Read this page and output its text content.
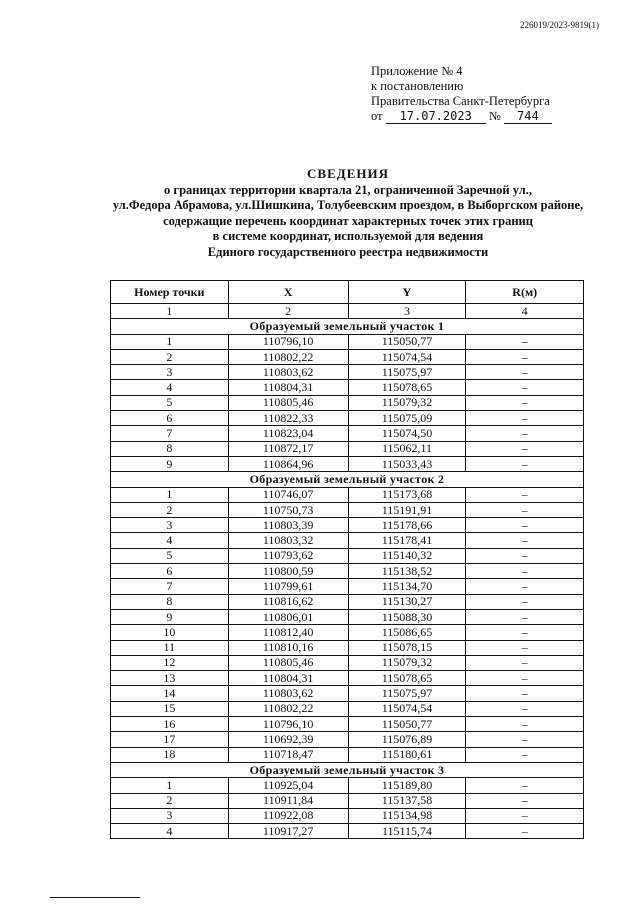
226019/2023-9819(1)
Приложение № 4
к постановлению
Правительства Санкт-Петербурга
от 17.07.2023 № 744
СВЕДЕНИЯ
о границах территории квартала 21, ограниченной Заречной ул.,
ул.Федора Абрамова, ул.Шишкина, Толубеевским проездом, в Выборгском районе,
содержащие перечень координат характерных точек этих границ
в системе координат, используемой для ведения
Единого государственного реестра недвижимости
Номер точки	X	Y	R(м)
1	2	3	4
Образуемый земельный участок 1			
1	110796,10	115050,77	–
2	110802,22	115074,54	–
3	110803,62	115075,97	–
4	110804,31	115078,65	–
5	110805,46	115079,32	–
6	110822,33	115075,09	–
7	110823,04	115074,50	–
8	110872,17	115062,11	–
9	110864,96	115033,43	–
Образуемый земельный участок 2			
1	110746,07	115173,68	–
2	110750,73	115191,91	–
3	110803,39	115178,66	–
4	110803,32	115178,41	–
5	110793,62	115140,32	–
6	110800,59	115138,52	–
7	110799,61	115134,70	–
8	110816,62	115130,27	–
9	110806,01	115088,30	–
10	110812,40	115086,65	–
11	110810,16	115078,15	–
12	110805,46	115079,32	–
13	110804,31	115078,65	–
14	110803,62	115075,97	–
15	110802,22	115074,54	–
16	110796,10	115050,77	–
17	110692,39	115076,89	–
18	110718,47	115180,61	–
Образуемый земельный участок 3			
1	110925,04	115189,80	–
2	110911,84	115137,58	–
3	110922,08	115134,98	–
4	110917,27	115115,74	–
